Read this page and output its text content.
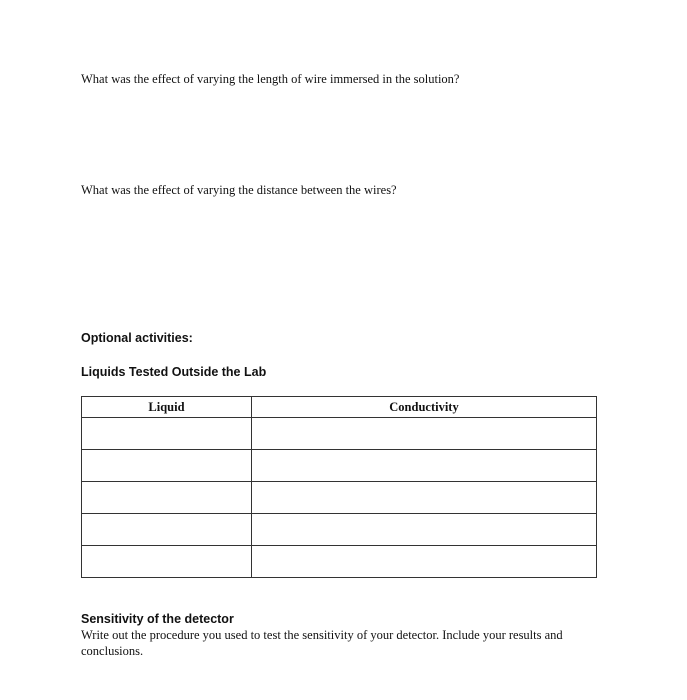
What was the effect of varying the length of wire immersed in the solution?
What was the effect of varying the distance between the wires?
Optional activities:
Liquids Tested Outside the Lab
Liquid	Conductivity

Sensitivity of the detector
Write out the procedure you used to test the sensitivity of your detector. Include your results and conclusions.
